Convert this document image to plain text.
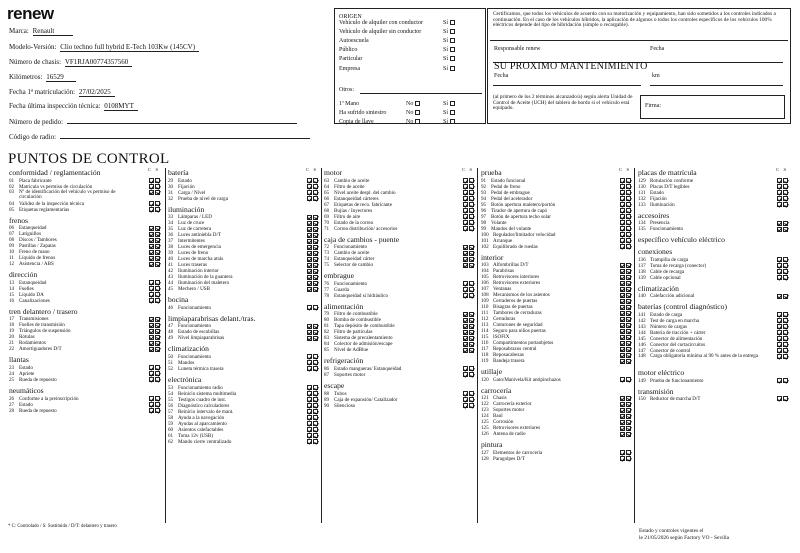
renew
Marca: Renault
Modelo-Versión: Clio techno full hybrid E-Tech 103Kw (145CV)
Número de chasis: VF1RJA00774357560
Kilómetros: 16529
Fecha 1ª matriculación: 27/02/2025
Fecha última inspección técnica: 0108MYT
Número de pedido:
Código de radio:
ORIGEN
Vehículo de alquiler con conductor	Sí
Vehículo de alquiler sin conductor	Sí
Autoescuela	Sí
Público	Sí
Particular	Sí
Empresa	Sí
Otros:
1ª Mano	No	Sí
Ha sufrido siniestro	No	Sí
Copia de llave	No	Sí
Certificamos, que todos los vehículos de acuerdo con su motorización y equipamiento, han sido sometidos a los controles indicados a continuación. En el caso de los vehículos híbridos, la aplicación de algunos o todos los controles específicos de los vehículos 100% eléctricos depende del tipo de hibridación (simple o recargable).
Responsable renew	Fecha
SU PROXIMO MANTENIMIENTO
Fecha	km
(al primero de los 2 términos alcanzado/a) según alerta Unidad de Control de Aceite (UCH) del tablero de bordo si el vehículo está equipado.	Firma:
PUNTOS DE CONTROL
C S
conformidad / reglamentación
01 Placa fabricante
02 Matrícula vs permiso de circulación
03 Nº de identificación del vehículo vs permiso de circulación
04 Validez de la inspección técnica
05 Etiquetas reglamentarias
frenos
06 Estanqueidad
07 Latiguillos
08 Discos / Tambores
09 Pastillas / Zapatas
10 Freno de mano
11 Líquido de frenos
12 Asistencia / ABS
dirección
13 Estanqueidad
14 Fuelles
15 Líquido DA
16 Canalizaciones
tren delantero / trasero
17 Transmisiones
18 Fuelles de transmisión
19 Triángulos de suspensión
20 Rótulas
21 Rodamientos
22 Amortiguadores D/T
llantas
23 Estado
24 Apriete
25 Rueda de repuesto
neumáticos
26 Conforme a la preinscripción
27 Estado
28 Rueda de repuesto
C S
batería
29 Estado
30 Fijación
31 Carga / Nivel
32 Prueba de nivel de carga
iluminación
33 Lámparas / LED
34 Luz de cruce
35 Luz de carretera
36 Luces antiniebla D/T
37 Intermitentes
38 Luces de emergencia
39 Luces de freno
40 Luces de marcha atrás
41 Luces traseras
42 Iluminación interior
43 Iluminación de la guantera
44 Iluminación del maletero
45 Mechero / USB
bocina
46 Funcionamiento
limpiaparabrisas delant./tras.
47 Funcionamiento
48 Estado de escobillas
49 Nivel limpiaparabrisas
climatización
50 Funcionamiento
51 Mandos
52 Luneta térmica trasera
electrónica
53 Funcionamiento radio
54 Reinicio sistema multimedia
55 Testigos cuadro de inst.
56 Diagnóstico calculadores
57 Reinicio intervalo de mant.
58 Ayuda a la navegación
59 Ayudas al aparcamiento
60 Asientos calefactables
61 Toma 12v (USB)
62 Mando cierre centralizado
C S
motor
63 Cambio de aceite
64 Filtro de aceite
65 Nivel aceite despl. del cambio
66 Estanqueidad cárteres
67 Etiquetas de reco. fabricante
68 Bujías / Inyectores
69 Filtro de aire
70 Estado de la correa
71 Correa distribución/ accesorios
caja de cambios - puente
72 Funcionamiento
73 Cambio de aceite
74 Estanqueidad cárter
75 Selector de cambio
embrague
76 Funcionamiento
77 Guarda
78 Estanqueidad si hidráulico
alimentación
79 Filtro de combustible
80 Bomba de combustible
81 Tapa depósito de combustible
82 Filtro de partículas
83 Sistema de precalentamiento
84 Colector de admisión/escape
85 Nivel de AdBlue
refrigeración
86 Estado mangueras/ Estanqueidad
87 Soportes motor
escape
88 Tubos
89 Caja de expansión/ Catalizador
90 Silencioso
C S
prueba
91 Estado funcional
92 Pedal de freno
93 Pedal de embrague
94 Pedal del acelerador
95 Botón apertura maletero/portón
96 Tirador de apertura de capó
97 Botón de apertura techo solar
98 Volante
99 Mandos del volante
100 Regulador/limitador velocidad
101 Arranque
102 Equilibrado de ruedas
interior
103 Alfombrillas D/T
104 Parabrisas
105 Retrovisores interiores
106 Retrovisores exteriores
107 Ventanas
108 Mecanismos de los asientos
109 Cerraderos de puertas
110 Bisagras de puertas
111 Tambores de cerraduras
112 Cerraduras
113 Cinturones de seguridad
114 Seguro para niños puertas
115 ISOFIX
116 Compartimentos portaobjetos
117 Reposabrazos central
118 Reposacabezas
119 Bandeja trasera
utillaje
120 Gato/Manivela/Kit antipinchazos
carrocería
121 Chasis
122 Carrocería exterior
123 Soportes motor
124 Baul
125 Corrosión
125 Retrovisores exteriores
126 Antena de radio
pintura
127 Elementos de carrocería
128 Paragolpes D/T
C S
placas de matrícula
129 Rotulación conforme
130 Placas D/T legibles
131 Estado
132 Fijación
133 Iluminación
accesoires
134 Presencia
135 Funcionamiento
específico vehículo eléctrico
conexiones
136 Trampilla de carga
137 Toma de recarga (conector)
138 Cable de recarga
139 Cable opcional
climatización
140 Calefacción adicional
baterías (control diagnóstico)
141 Estado de carga
142 Test de carga en marcha
143 Número de cargas
144 Batería de tracción + cárter
145 Conector de alimentación
146 Conector del cortacircuitos
147 Conector de control
148 Carga obligatoria mínima al 90 % antes de la entrega
motor eléctrico
149 Prueba de funcionamiento
transmisión
150 Reductor de marcha D/T
* C: Controlado / S: Sustituido / D/T: delantero y trasero
Estado y controles vigentes el
le 21/05/2026 según Factory VO - Sevilla
